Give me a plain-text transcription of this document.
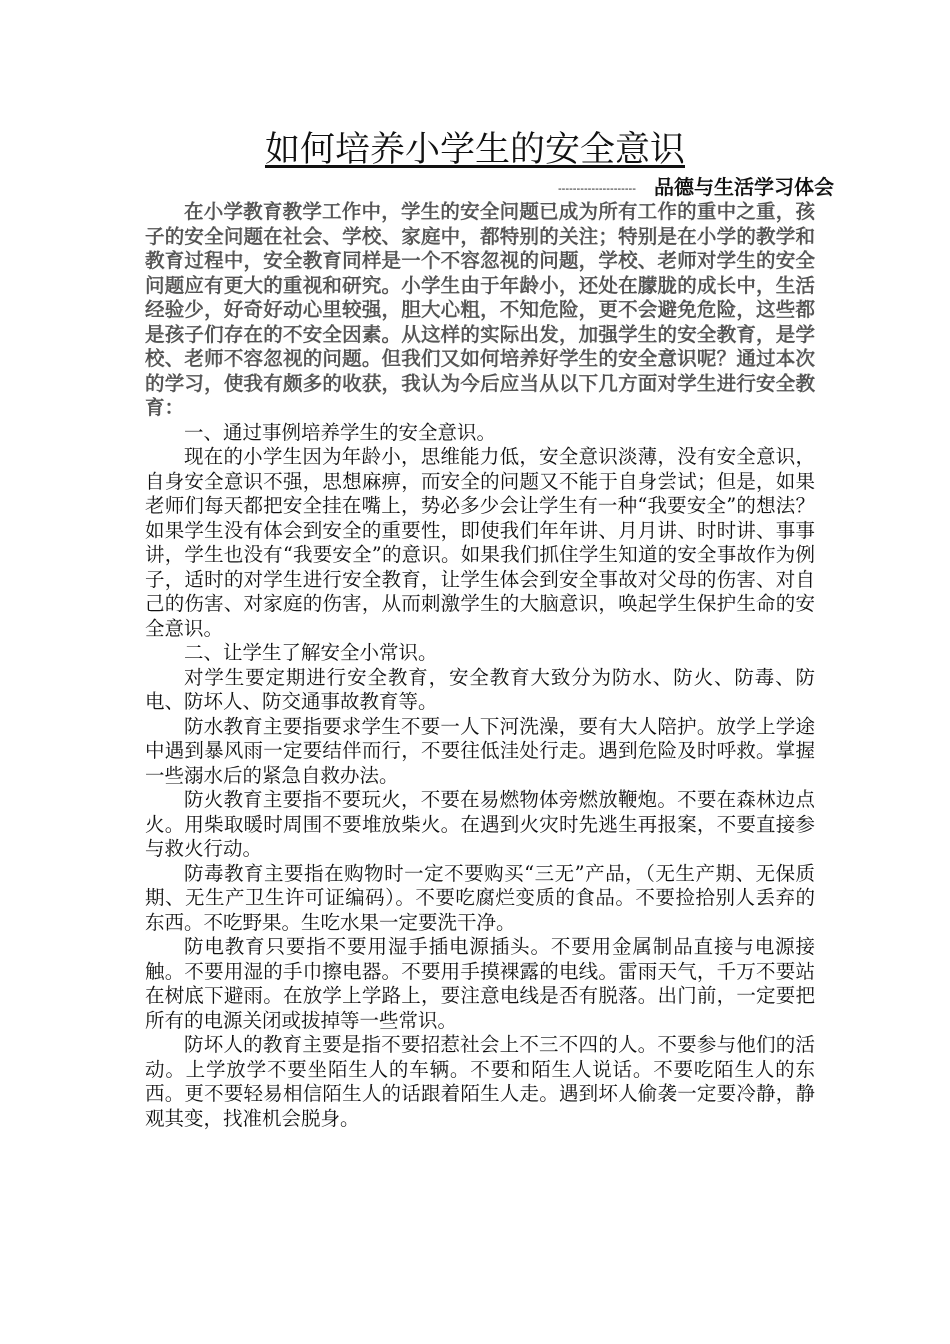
如何培养小学生的安全意识
--------------------- 品德与生活学习体会

在小学教育教学工作中，学生的安全问题已成为所有工作的重中之重，孩子的安全问题在社会、学校、家庭中，都特别的关注；特别是在小学的教学和教育过程中，安全教育同样是一个不容忽视的问题，学校、老师对学生的安全问题应有更大的重视和研究。小学生由于年龄小，还处在朦胧的成长中，生活经验少，好奇好动心里较强，胆大心粗，不知危险，更不会避免危险，这些都是孩子们存在的不安全因素。从这样的实际出发，加强学生的安全教育，是学校、老师不容忽视的问题。但我们又如何培养好学生的安全意识呢？通过本次的学习，使我有颇多的收获，我认为今后应当从以下几方面对学生进行安全教育：

一、通过事例培养学生的安全意识。

现在的小学生因为年龄小，思维能力低，安全意识淡薄，没有安全意识，自身安全意识不强，思想麻痹，而安全的问题又不能于自身尝试；但是，如果老师们每天都把安全挂在嘴上，势必多少会让学生有一种“我要安全”的想法？如果学生没有体会到安全的重要性，即使我们年年讲、月月讲、时时讲、事事讲，学生也没有“我要安全”的意识。如果我们抓住学生知道的安全事故作为例子，适时的对学生进行安全教育，让学生体会到安全事故对父母的伤害、对自己的伤害、对家庭的伤害，从而刺激学生的大脑意识，唤起学生保护生命的安全意识。

二、让学生了解安全小常识。

对学生要定期进行安全教育，安全教育大致分为防水、防火、防毒、防电、防坏人、防交通事故教育等。

防水教育主要指要求学生不要一人下河洗澡，要有大人陪护。放学上学途中遇到暴风雨一定要结伴而行，不要往低洼处行走。遇到危险及时呼救。掌握一些溺水后的紧急自救办法。

防火教育主要指不要玩火，不要在易燃物体旁燃放鞭炮。不要在森林边点火。用柴取暖时周围不要堆放柴火。在遇到火灾时先逃生再报案，不要直接参与救火行动。

防毒教育主要指在购物时一定不要购买“三无”产品，（无生产期、无保质期、无生产卫生许可证编码）。不要吃腐烂变质的食品。不要捡拾别人丢弃的东西。不吃野果。生吃水果一定要洗干净。

防电教育只要指不要用湿手插电源插头。不要用金属制品直接与电源接触。不要用湿的手巾擦电器。不要用手摸裸露的电线。雷雨天气，千万不要站在树底下避雨。在放学上学路上，要注意电线是否有脱落。出门前，一定要把所有的电源关闭或拔掉等一些常识。

防坏人的教育主要是指不要招惹社会上不三不四的人。不要参与他们的活动。上学放学不要坐陌生人的车辆。不要和陌生人说话。不要吃陌生人的东西。更不要轻易相信陌生人的话跟着陌生人走。遇到坏人偷袭一定要冷静，静观其变，找准机会脱身。
